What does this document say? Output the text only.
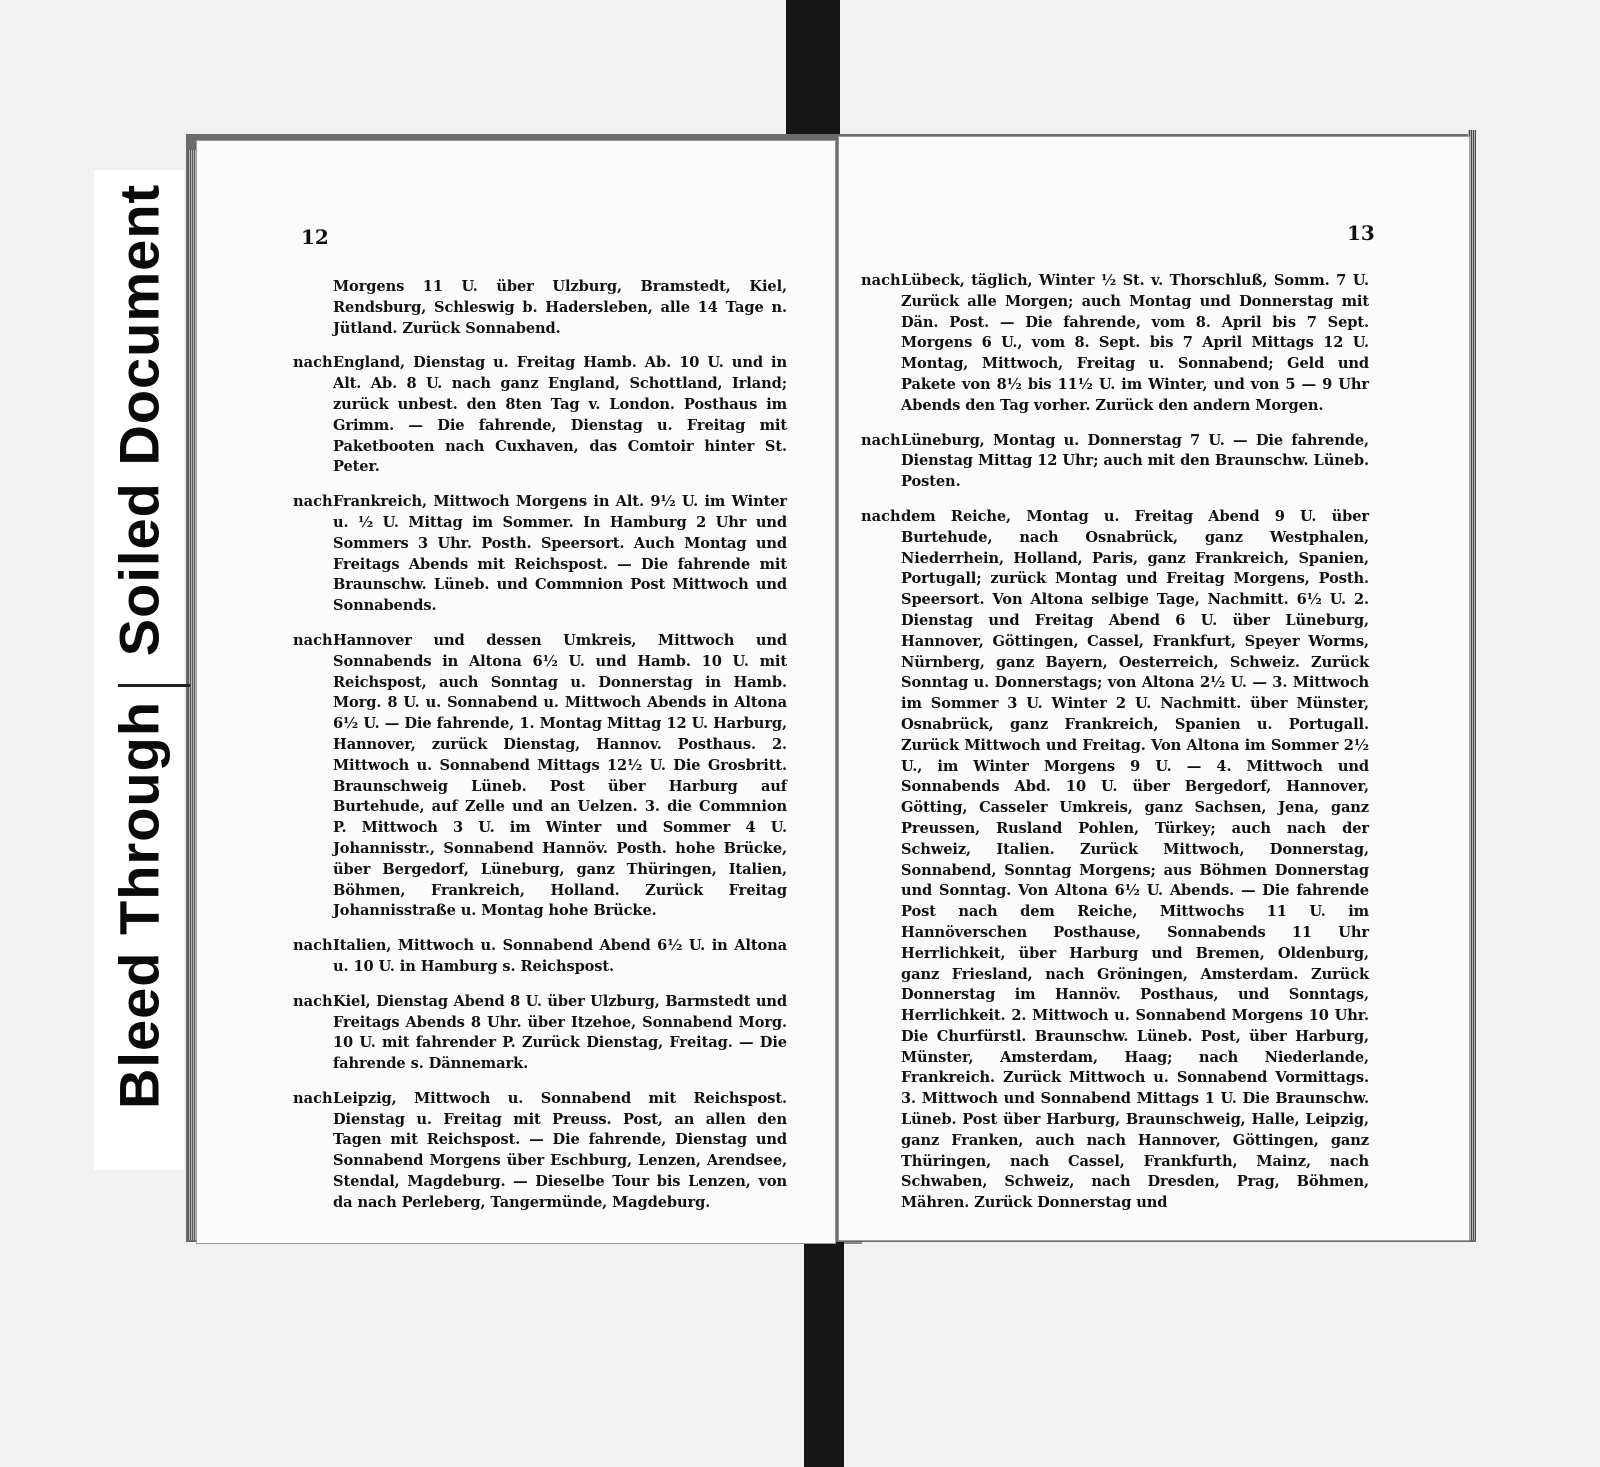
12
Morgens 11 U. über Ulzburg, Bramstedt, Kiel, Rendsburg, Schleswig b. Hadersleben, alle 14 Tage n. Jütland. Zurück Sonnabend.
nach England, Dienstag u. Freitag Hamb. Ab. 10 U. und in Alt. Ab. 8 U. nach ganz England, Schottland, Irland; zurück unbest. den 8ten Tag v. London. Posthaus im Grimm. — Die fahrende, Dienstag u. Freitag mit Paketbooten nach Cuxhaven, das Comtoir hinter St. Peter.
nach Frankreich, Mittwoch Morgens in Alt. 9½ U. im Winter u. ½ U. Mittag im Sommer. In Hamburg 2 Uhr und Sommers 3 Uhr. Posth. Speersort. Auch Montag und Freitags Abends mit Reichspost. — Die fahrende mit Braunschw. Lüneb. und Commnion Post Mittwoch und Sonnabends.
nach Hannover und dessen Umkreis, Mittwoch und Sonnabends in Altona 6½ U. und Hamb. 10 U. mit Reichspost, auch Sonntag u. Donnerstag in Hamb. Morg. 8 U. u. Sonnabend u. Mittwoch Abends in Altona 6½ U. — Die fahrende, 1. Montag Mittag 12 U. Harburg, Hannover, zurück Dienstag, Hannov. Posthaus. 2. Mittwoch u. Sonnabend Mittags 12½ U. Die Grosbritt. Braunschweig Lüneb. Post über Harburg auf Burtehude, auf Zelle und an Uelzen. 3. die Commnion P. Mittwoch 3 U. im Winter und Sommer 4 U. Johannisstr., Sonnabend Hannöv. Posth. hohe Brücke, über Bergedorf, Lüneburg, ganz Thüringen, Italien, Böhmen, Frankreich, Holland. Zurück Freitag Johannisstraße u. Montag hohe Brücke.
nach Italien, Mittwoch u. Sonnabend Abend 6½ U. in Altona u. 10 U. in Hamburg s. Reichspost.
nach Kiel, Dienstag Abend 8 U. über Ulzburg, Barmstedt und Freitags Abends 8 Uhr. über Itzehoe, Sonnabend Morg. 10 U. mit fahrender P. Zurück Dienstag, Freitag. — Die fahrende s. Dännemark.
nach Leipzig, Mittwoch u. Sonnabend mit Reichspost. Dienstag u. Freitag mit Preuss. Post, an allen den Tagen mit Reichspost. — Die fahrende, Dienstag und Sonnabend Morgens über Eschburg, Lenzen, Arendsee, Stendal, Magdeburg. — Dieselbe Tour bis Lenzen, von da nach Perleberg, Tangermünde, Magdeburg.
13
nach Lübeck, täglich, Winter ½ St. v. Thorschluß, Somm. 7 U. Zurück alle Morgen; auch Montag und Donnerstag mit Dän. Post. — Die fahrende, vom 8. April bis 7 Sept. Morgens 6 U., vom 8. Sept. bis 7 April Mittags 12 U. Montag, Mittwoch, Freitag u. Sonnabend; Geld und Pakete von 8½ bis 11½ U. im Winter, und von 5 — 9 Uhr Abends den Tag vorher. Zurück den andern Morgen.
nach Lüneburg, Montag u. Donnerstag 7 U. — Die fahrende, Dienstag Mittag 12 Uhr; auch mit den Braunschw. Lüneb. Posten.
nach dem Reiche, Montag u. Freitag Abend 9 U. über Burtehude, nach Osnabrück, ganz Westphalen, Niederrhein, Holland, Paris, ganz Frankreich, Spanien, Portugall; zurück Montag und Freitag Morgens, Posth. Speersort. Von Altona selbige Tage, Nachmitt. 6½ U. 2. Dienstag und Freitag Abend 6 U. über Lüneburg, Hannover, Göttingen, Cassel, Frankfurt, Speyer Worms, Nürnberg, ganz Bayern, Oesterreich, Schweiz. Zurück Sonntag u. Donnerstags; von Altona 2½ U. — 3. Mittwoch im Sommer 3 U. Winter 2 U. Nachmitt. über Münster, Osnabrück, ganz Frankreich, Spanien u. Portugall. Zurück Mittwoch und Freitag. Von Altona im Sommer 2½ U., im Winter Morgens 9 U. — 4. Mittwoch und Sonnabends Abd. 10 U. über Bergedorf, Hannover, Götting, Casseler Umkreis, ganz Sachsen, Jena, ganz Preussen, Rusland Pohlen, Türkey; auch nach der Schweiz, Italien. Zurück Mittwoch, Donnerstag, Sonnabend, Sonntag Morgens; aus Böhmen Donnerstag und Sonntag. Von Altona 6½ U. Abends. — Die fahrende Post nach dem Reiche, Mittwochs 11 U. im Hannöverschen Posthause, Sonnabends 11 Uhr Herrlichkeit, über Harburg und Bremen, Oldenburg, ganz Friesland, nach Gröningen, Amsterdam. Zurück Donnerstag im Hannöv. Posthaus, und Sonntags, Herrlichkeit. 2. Mittwoch u. Sonnabend Morgens 10 Uhr. Die Churfürstl. Braunschw. Lüneb. Post, über Harburg, Münster, Amsterdam, Haag; nach Niederlande, Frankreich. Zurück Mittwoch u. Sonnabend Vormittags. 3. Mittwoch und Sonnabend Mittags 1 U. Die Braunschw. Lüneb. Post über Harburg, Braunschweig, Halle, Leipzig, ganz Franken, auch nach Hannover, Göttingen, ganz Thüringen, nach Cassel, Frankfurth, Mainz, nach Schwaben, Schweiz, nach Dresden, Prag, Böhmen, Mähren. Zurück Donnerstag und
Bleed Through
Soiled Document
